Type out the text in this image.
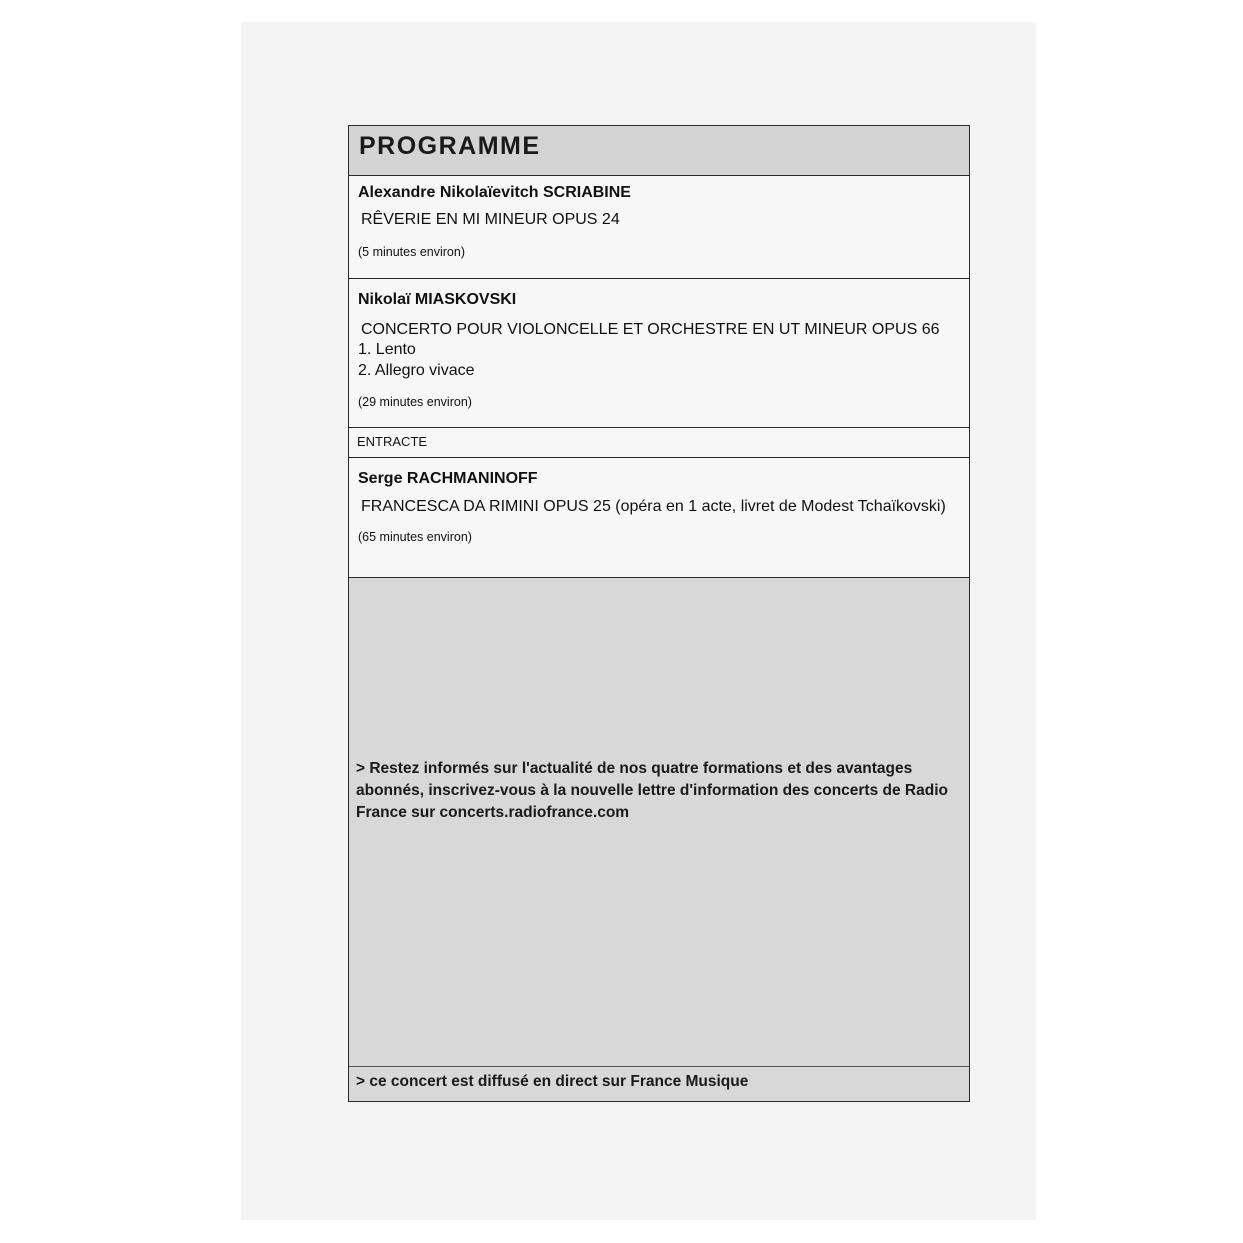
PROGRAMME
Alexandre Nikolaïevitch SCRIABINE
RÊVERIE EN MI MINEUR OPUS 24
(5 minutes environ)
Nikolaï MIASKOVSKI
CONCERTO POUR VIOLONCELLE ET ORCHESTRE EN UT MINEUR OPUS 66
1. Lento
2. Allegro vivace
(29 minutes environ)
ENTRACTE
Serge RACHMANINOFF
FRANCESCA DA RIMINI OPUS 25 (opéra en 1 acte, livret de Modest Tchaïkovski)
(65 minutes environ)
> Restez informés sur l'actualité de nos quatre formations et des avantages abonnés, inscrivez-vous à la nouvelle lettre d'information des concerts de Radio France sur concerts.radiofrance.com
> ce concert est diffusé en direct sur France Musique
